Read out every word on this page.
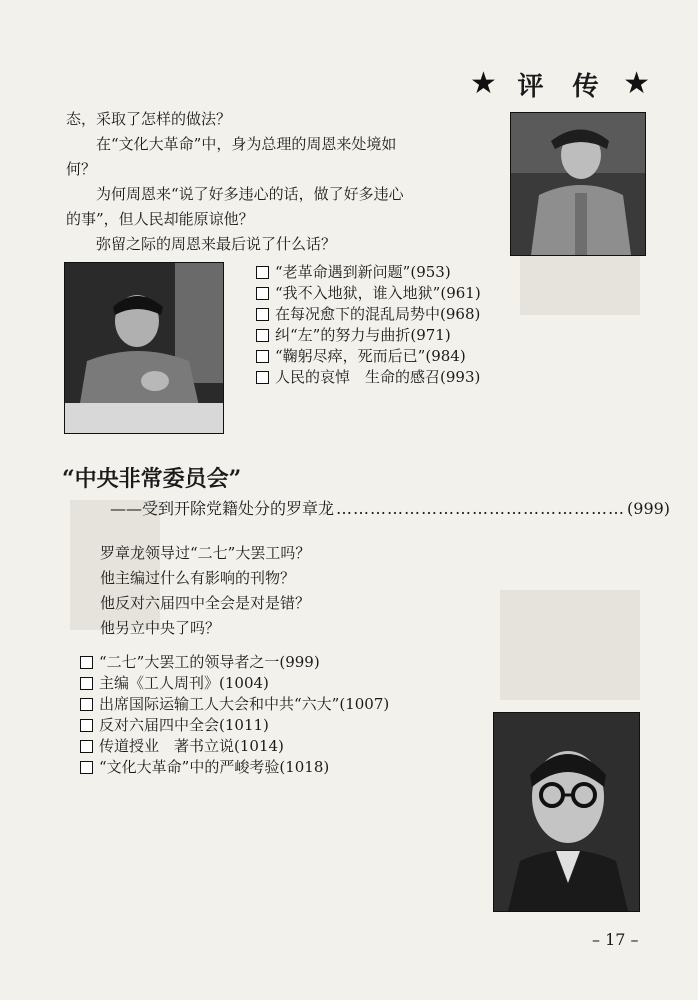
★ 评 传 ★
态，采取了怎样的做法？
　　在“文化大革命”中，身为总理的周恩来处境如
何？
　　为何周恩来“说了好多违心的话，做了好多违心
的事”，但人民却能原谅他？
　　弥留之际的周恩来最后说了什么话？
“老革命遇到新问题”(953)
“我不入地狱，谁入地狱”(961)
在每况愈下的混乱局势中(968)
纠“左”的努力与曲折(971)
“鞠躬尽瘁，死而后已”(984)
人民的哀悼　生命的感召(993)
“中央非常委员会”
——受到开除党籍处分的罗章龙 …………………………………………… (999)
罗章龙领导过“二七”大罢工吗？
他主编过什么有影响的刊物？
他反对六届四中全会是对是错？
他另立中央了吗？
“二七”大罢工的领导者之一(999)
主编《工人周刊》(1004)
出席国际运输工人大会和中共“六大”(1007)
反对六届四中全会(1011)
传道授业　著书立说(1014)
“文化大革命”中的严峻考验(1018)
– 17 –
